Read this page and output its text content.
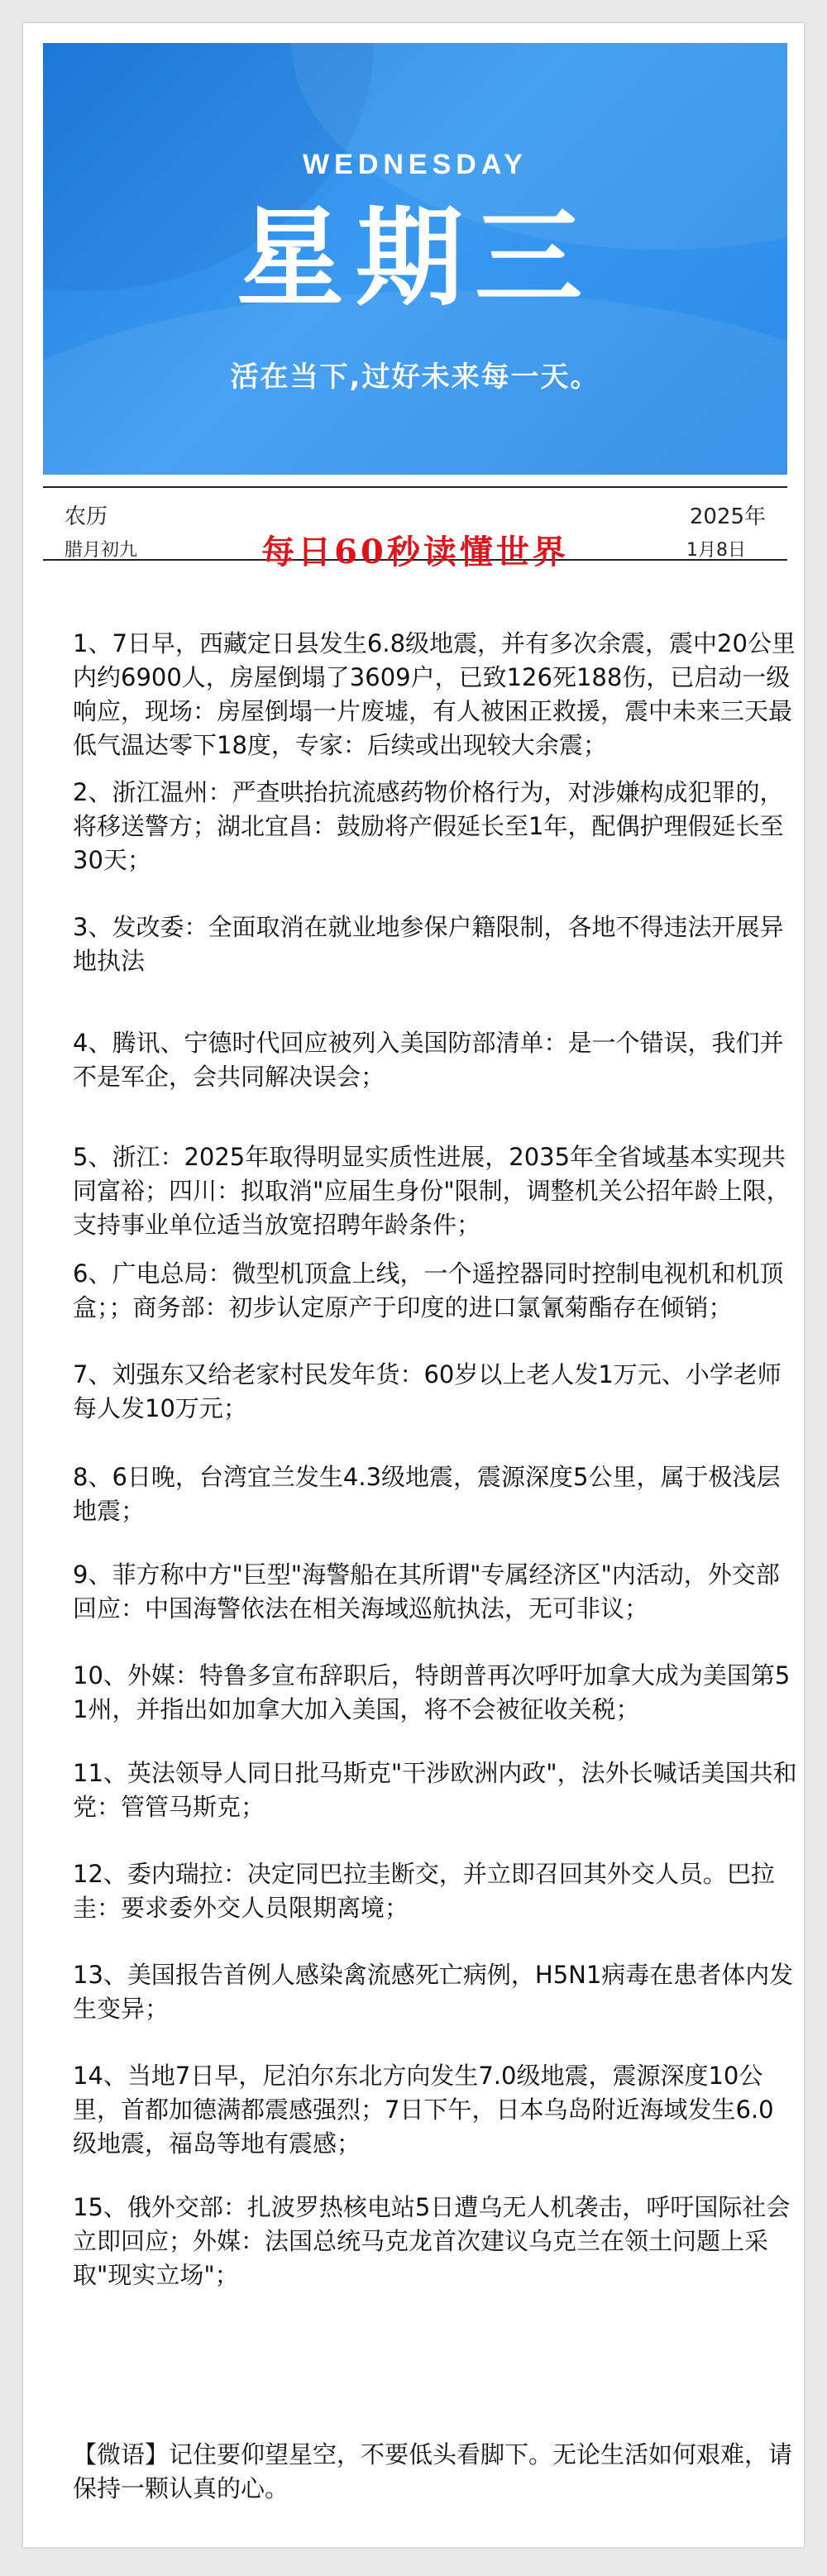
WEDNESDAY
星期三
活在当下,过好未来每一天。
农历
腊月初九	每日60秒读懂世界
2025年
1月8日

1、7日早，西藏定日县发生6.8级地震，并有多次余震，震中20公里内约6900人，房屋倒塌了3609户，已致126死188伤，已启动一级响应，现场：房屋倒塌一片废墟，有人被困正救援，震中未来三天最低气温达零下18度，专家：后续或出现较大余震；

2、浙江温州：严查哄抬抗流感药物价格行为，对涉嫌构成犯罪的，将移送警方；湖北宜昌：鼓励将产假延长至1年，配偶护理假延长至30天；

3、发改委：全面取消在就业地参保户籍限制，各地不得违法开展异地执法

4、腾讯、宁德时代回应被列入美国防部清单：是一个错误，我们并不是军企，会共同解决误会；

5、浙江：2025年取得明显实质性进展，2035年全省域基本实现共同富裕；四川：拟取消"应届生身份"限制，调整机关公招年龄上限，支持事业单位适当放宽招聘年龄条件；

6、广电总局：微型机顶盒上线，一个遥控器同时控制电视机和机顶盒；；商务部：初步认定原产于印度的进口氯氰菊酯存在倾销；

7、刘强东又给老家村民发年货：60岁以上老人发1万元、小学老师每人发10万元；

8、6日晚，台湾宜兰发生4.3级地震，震源深度5公里，属于极浅层地震；

9、菲方称中方"巨型"海警船在其所谓"专属经济区"内活动，外交部回应：中国海警依法在相关海域巡航执法，无可非议；

10、外媒：特鲁多宣布辞职后，特朗普再次呼吁加拿大成为美国第51州，并指出如加拿大加入美国，将不会被征收关税；

11、英法领导人同日批马斯克"干涉欧洲内政"，法外长喊话美国共和党：管管马斯克；

12、委内瑞拉：决定同巴拉圭断交，并立即召回其外交人员。巴拉圭：要求委外交人员限期离境；

13、美国报告首例人感染禽流感死亡病例，H5N1病毒在患者体内发生变异；

14、当地7日早，尼泊尔东北方向发生7.0级地震，震源深度10公里，首都加德满都震感强烈；7日下午，日本乌岛附近海域发生6.0级地震，福岛等地有震感；

15、俄外交部：扎波罗热核电站5日遭乌无人机袭击，呼吁国际社会立即回应；外媒：法国总统马克龙首次建议乌克兰在领土问题上采取"现实立场"；

【微语】记住要仰望星空，不要低头看脚下。无论生活如何艰难，请保持一颗认真的心。
